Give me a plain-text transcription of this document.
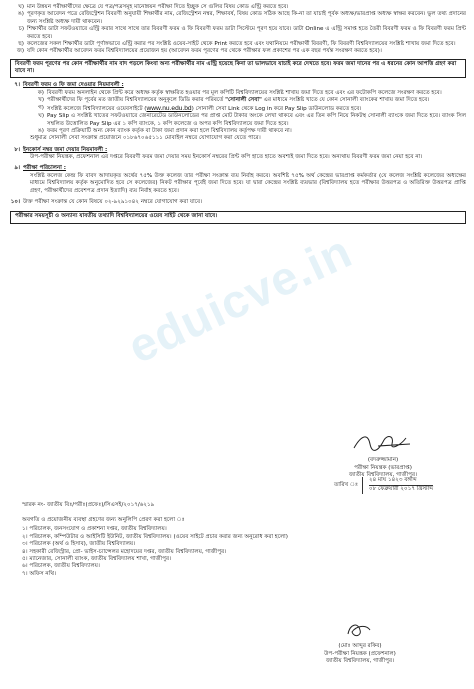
eduicve.in
ঘ) মান উন্নয়ন পরীক্ষার্থীদের ক্ষেত্রে যে পত্র/পত্রসমূহ মানোন্নয়ন পরীক্ষা দিতে ইচ্ছুক সে গুলির বিষয় কোড এন্ট্রি করতে হবে।
ঙ) পূরণকৃত আবেদন পত্রে রেজিস্ট্রেশন বিবরণী অনুযায়ী শিক্ষার্থীর নাম, রেজিস্ট্রেশন নম্বর, শিক্ষাবর্ষ, বিষয় কোড সঠিক আছে কি-না তা যাচাই পূর্বক অধ্যক্ষ/ভারপ্রাপ্ত অধ্যক্ষ স্বাক্ষর করবেন। ভুল তথ্য প্রদানের জন্য সংশ্লিষ্ট অধ্যক্ষ দায়ী থাকবেন।
চ) শিক্ষার্থীর ডাটা সফটওয়্যারে এন্ট্রি করার সাথে সাথে তার বিবরণী ফরম ও ফি বিবরণী ফরম ডাটা সিস্টেমে পূরণ হয়ে যাবে। ডাটা Online এ এন্ট্রি সমাপ্ত হতে তৈরী বিবরণী ফরম ও ফি বিবরণী ফরম প্রিন্ট করতে হবে।
ছ) কলেজের সকল শিক্ষার্থীর ডাটা পূর্ণাঙ্গভাবে এন্ট্রি করার পর সংশ্লিষ্ট ওয়েব-সাইট থেকে Print করতে হবে এবং যথানিয়মে পরীক্ষার্থী বিবরণী, ফি বিবরণী বিশ্ববিদ্যালয়ের সংশ্লিষ্ট শাখায় জমা দিতে হবে।
জ) যদি কোন পরীক্ষার্থীর আবেদন ফরম বিশ্ববিদ্যালয়ের প্রয়োজন হয় (আবেদন ফরম পূরণের পর থেকে পরীক্ষার ফল প্রকাশের পর এক বছর পর্যন্ত সংরক্ষণ করতে হবে)।
বিবরণী ফরম পূরণের পর কোন পরীক্ষার্থীর নাম বাদ পড়লে কিংবা অন্য পরীক্ষার্থীর নাম এন্ট্রি হয়েছে কিনা তা ভালভাবে যাচাই করে দেখতে হবে। ফরম জমা দানের পর এ ধরনের কোন আপত্তি গ্রহণ করা যাবে না।
৭। বিবরণী ফরম ও ফি জমা দেওয়ার নিয়মাবলী :
ক) বিবরণী ফরম অনলাইন থেকে প্রিন্ট করে অধ্যক্ষ কর্তৃক স্বাক্ষরিত হওয়ার পর মূল কপিটি বিশ্ববিদ্যালয়ের সংশ্লিষ্ট শাখায় জমা দিতে হবে এবং এর ফটোকপি কলেজে সংরক্ষণ করতে হবে।
খ) পরীক্ষার্থীদের ফি পূর্বের মত জাতীয় বিশ্ববিদ্যালয়ের অনুকূলে ডিডি করার পরিবর্তে "সোনালী সেবা" এর মাধ্যমে সংশ্লিষ্ট খাতে যে কোন সোনালী ব্যাংকের শাখায় জমা দিতে হবে।
গ) সংশ্লিষ্ট কলেজে বিশ্ববিদ্যালয়ের ওয়েবসাইটে (www.nu.edu.bd) সোনালী সেবা Link থেকে Log in করে Pay Slip ডাউনলোড করতে হবে।
ঘ) Pay Slip এ সংশ্লিষ্ট খাতের সফটওয়্যারে জেনারেটেড ডাউনলোডের পর প্রাপ্ত মোট টাকার অংকে লেখা থাকবে এবং এর তিন কপি নিয়ে নিকটস্থ সোনালী ব্যাংকে জমা দিতে হবে। ব্যাংক সিল সম্বলিত উত্তোলিত Pay Slip এর ১ কপি ব্যাংকে, ১ কপি কলেজে ও অপর কপি বিশ্ববিদ্যালয়ে জমা দিতে হবে।
ঙ) ফরম পূরণ প্রক্রিয়াটি অন্য কোন ব্যাংক কর্তৃক বা টাকা জমা প্রদান করা হলে বিশ্ববিদ্যালয় কর্তৃপক্ষ দায়ী থাকবে না।
শুধুমাত্র সোনালী সেবা সংক্রান্ত প্রয়োজনে ০১৮৬৭০৬৫১১১ মোবাইল নম্বরে যোগাযোগ করা যেতে পারে।
৮। ইনকোর্স নম্বর জমা দেয়ার নিয়মাবলী :
উপ-পরীক্ষা নিয়ন্ত্রক, প্রফেশনাল এর দপ্তরে বিবরণী ফরম জমা দেয়ার সময় ইনকোর্স নম্বরের প্রিন্ট কপি হাতে হাতে অবশ্যই জমা দিতে হবে। অন্যথায় বিবরণী ফরম জমা নেয়া হবে না।
৯। পরীক্ষা পরিচালনা :
সংশ্লিষ্ট কলেজ কেন্দ্র ফি বাবদ আদায়কৃত অর্থের ৭৫% উক্ত কলেজ তার পরীক্ষা সংক্রান্ত ব্যয় নির্বাহ করবে। অবশিষ্ট ৭৫% অর্থ কেন্দ্রের ভারপ্রাপ্ত কর্মকর্তার (যে কলেজ সংশ্লিষ্ট কলেজের অধ্যক্ষের মাধ্যমে বিশ্ববিদ্যালয় কর্তৃক অনুমোদিত হবে সে কলেজের) নিকট পরীক্ষার পূর্বেই জমা দিতে হবে। যা দ্বারা কেন্দ্রের সংশ্লিষ্ট ব্যয়ভার (বিশ্ববিদ্যালয় হতে পরীক্ষার উত্তরপত্র ও অতিরিক্ত উত্তরপত্র প্রাপ্তি গ্রহণ, পরীক্ষার্থীদের প্রবেশপত্র প্রদান ইত্যাদি) ব্যয় নির্বাহ করতে হবে।
১০। উক্ত পরীক্ষা সংক্রান্ত যে কোন বিষয়ে ০২-৯২৯১০৪২ নম্বরে যোগাযোগ করা যাবে।
পরীক্ষার সময়সূচী ও অন্যান্য যাবতীয় তথ্যাদি বিশ্ববিদ্যালয়ের ওয়েব সাইট থেকে জানা যাবে।
(বদরুজ্জামান)
পরীক্ষা নিয়ন্ত্রক (ভারপ্রাপ্ত)
জাতীয় বিশ্ববিদ্যালয়, গাজীপুর।
তারিখ ঃ
২৪ মাঘ ১৪২৩ বঙ্গাব্দ
০৮ ফেব্রুয়ারী ২০১৭ খ্রিস্টাব্দ
স্মারক নং- জাতীয় বিঃ/পরীঃ(প্রফেঃ)/সিএসই/২০১৭/৬২১৯
অবগতি ও প্রয়োজনীয় ব্যবস্থা গ্রহণের জন্য অনুলিপি প্রেরণ করা হলো ঃ
১। পরিচালক, জনসংযোগ ও প্রকাশনা দপ্তর, জাতীয় বিশ্ববিদ্যালয়।
২। পরিচালক, কম্পিউটার ও আইসিটি ইউনিট, জাতীয় বিশ্ববিদ্যালয়। (ওয়েব সাইটে প্রচার করার জন্য অনুরোধ করা হলো)
৩। পরিচালক (অর্থ ও হিসাব), জাতীয় বিশ্ববিদ্যালয়।
৪। সহকারী রেজিস্ট্রার, প্রো- ভাইস-চ্যান্সেলর মহোদয়ের দপ্তর, জাতীয় বিশ্ববিদ্যালয়, গাজীপুর।
৫। ম্যানেজার, সোনালী ব্যাংক, জাতীয় বিশ্ববিদ্যালয় শাখা, গাজীপুর।
৬। পরিচালক, জাতীয় বিশ্ববিদ্যালয়।
৭। অফিস নথি।
(মোঃ আব্দুর রকিব)
উপ-পরীক্ষা নিয়ন্ত্রক (প্রফেশনাল)
জাতীয় বিশ্ববিদ্যালয়, গাজীপুর।
